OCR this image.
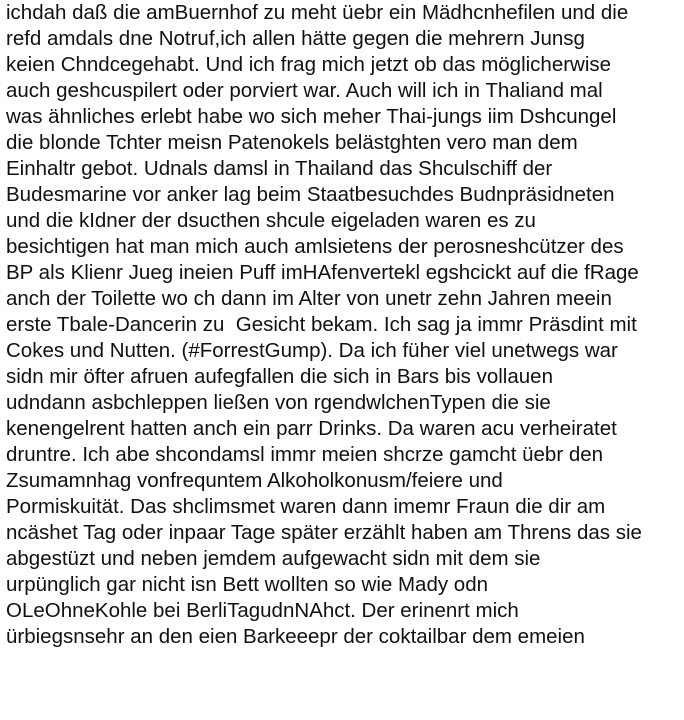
ichdah daß die amBuernhof zu meht üebr ein Mädhcnhefilen und die
refd amdals dne Notruf,ich allen hätte gegen die mehrern Junsg
keien Chndcegehabt. Und ich frag mich jetzt ob das möglicherwise
auch geshcuspilert oder porviert war. Auch will ich in Thaliand mal
was ähnliches erlebt habe wo sich meher Thai-jungs iim Dshcungel
die blonde Tchter meisn Patenokels belästghten vero man dem
Einhaltr gebot. Udnals damsl in Thailand das Shculschiff der
Budesmarine vor anker lag beim Staatbesuchdes Budnpräsidneten
und die kIdner der dsucthen shcule eigeladen waren es zu
besichtigen hat man mich auch amlsietens der perosneshcützer des
BP als Klienr Jueg ineien Puff imHAfenvertekl egshcickt auf die fRage
anch der Toilette wo ch dann im Alter von unetr zehn Jahren meein
erste Tbale-Dancerin zu  Gesicht bekam. Ich sag ja immr Präsdint mit
Cokes und Nutten. (#ForrestGump). Da ich füher viel unetwegs war
sidn mir öfter afruen aufegfallen die sich in Bars bis vollauen
udndann asbchleppen ließen von rgendwlchenTypen die sie
kenengelrent hatten anch ein parr Drinks. Da waren acu verheiratet
druntre. Ich abe shcondamsl immr meien shcrze gamcht üebr den
Zsumamnhag vonfrequntem Alkoholkonusm/feiere und
Pormiskuität. Das shclimsmet waren dann imemr Fraun die dir am
ncäshet Tag oder inpaar Tage später erzählt haben am Threns das sie
abgestüzt und neben jemdem aufgewacht sidn mit dem sie
urpünglich gar nicht isn Bett wollten so wie Mady odn
OLeOhneKohle bei BerliTagudnNAhct. Der erinenrt mich
ürbiegsnsehr an den eien Barkeeepr der coktailbar dem emeien
